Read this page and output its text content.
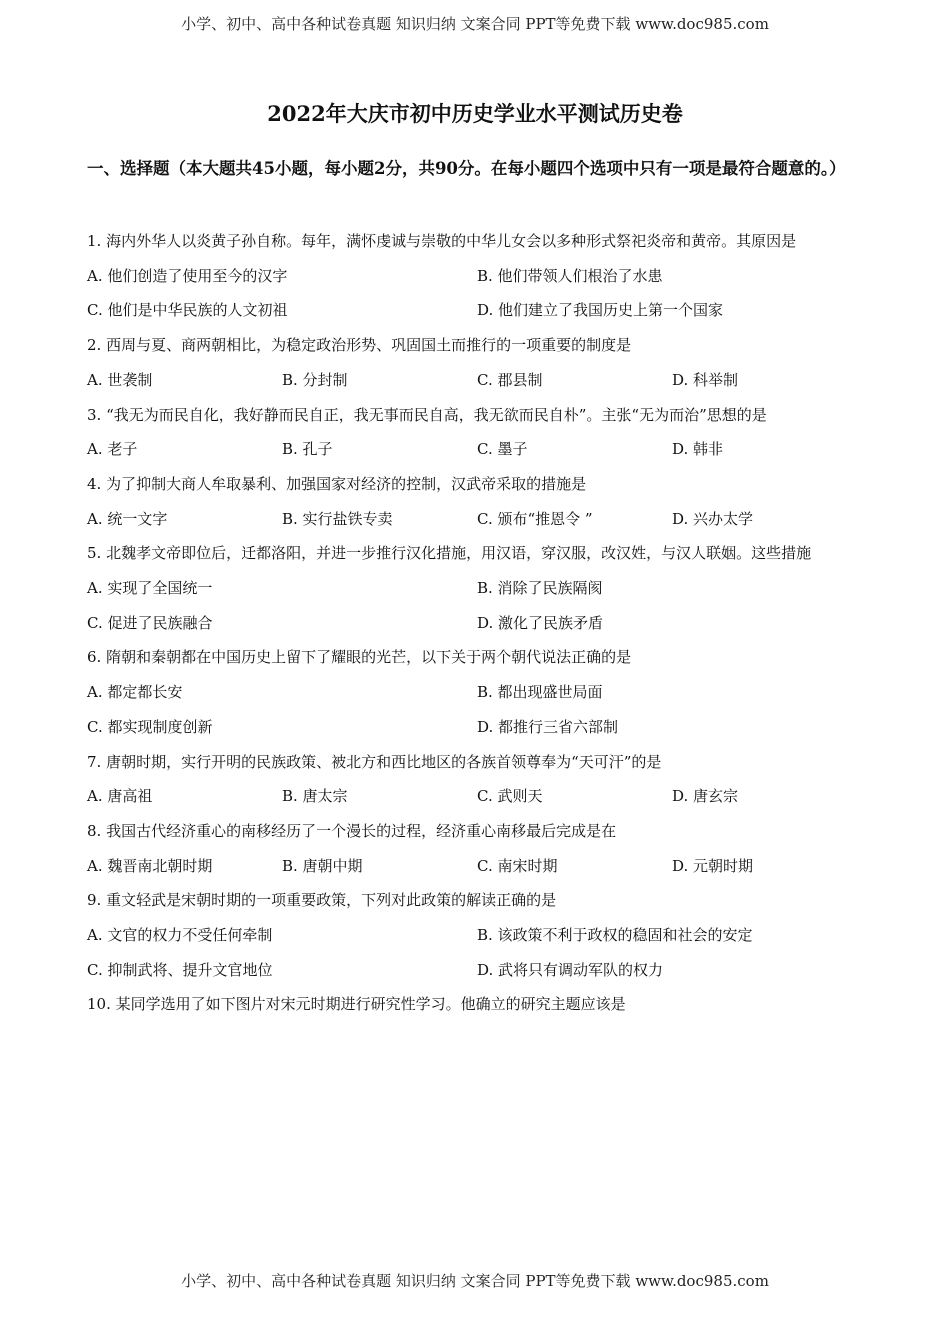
小学、初中、高中各种试卷真题 知识归纳 文案合同 PPT等免费下载 www.doc985.com
2022年大庆市初中历史学业水平测试历史卷
一、选择题（本大题共45小题，每小题2分，共90分。在每小题四个选项中只有一项是最符合题意的。）

1. 海内外华人以炎黄子孙自称。每年，满怀虔诚与崇敬的中华儿女会以多种形式祭祀炎帝和黄帝。其原因是

A. 他们创造了使用至今的汉字	B. 他们带领人们根治了水患
C. 他们是中华民族的人文初祖	D. 他们建立了我国历史上第一个国家

2. 西周与夏、商两朝相比，为稳定政治形势、巩固国土而推行的一项重要的制度是

A. 世袭制	B. 分封制	C. 郡县制	D. 科举制

3. “我无为而民自化，我好静而民自正，我无事而民自高，我无欲而民自朴”。主张“无为而治”思想的是

A. 老子	B. 孔子	C. 墨子	D. 韩非

4. 为了抑制大商人牟取暴利、加强国家对经济的控制，汉武帝采取的措施是

A. 统一文字	B. 实行盐铁专卖	C. 颁布“推恩令 ”	D. 兴办太学

5. 北魏孝文帝即位后，迁都洛阳，并进一步推行汉化措施，用汉语，穿汉服，改汉姓，与汉人联姻。这些措施

A. 实现了全国统一	B. 消除了民族隔阂
C. 促进了民族融合	D. 激化了民族矛盾

6. 隋朝和秦朝都在中国历史上留下了耀眼的光芒，以下关于两个朝代说法正确的是

A. 都定都长安	B. 都出现盛世局面
C. 都实现制度创新	D. 都推行三省六部制

7. 唐朝时期，实行开明的民族政策、被北方和西比地区的各族首领尊奉为“天可汗”的是

A. 唐高祖	B. 唐太宗	C. 武则天	D. 唐玄宗

8. 我国古代经济重心的南移经历了一个漫长的过程，经济重心南移最后完成是在

A. 魏晋南北朝时期	B. 唐朝中期	C. 南宋时期	D. 元朝时期

9. 重文轻武是宋朝时期的一项重要政策，下列对此政策的解读正确的是

A. 文官的权力不受任何牵制	B. 该政策不利于政权的稳固和社会的安定
C. 抑制武将、提升文官地位	D. 武将只有调动军队的权力

10. 某同学选用了如下图片对宋元时期进行研究性学习。他确立的研究主题应该是

小学、初中、高中各种试卷真题 知识归纳 文案合同 PPT等免费下载 www.doc985.com
